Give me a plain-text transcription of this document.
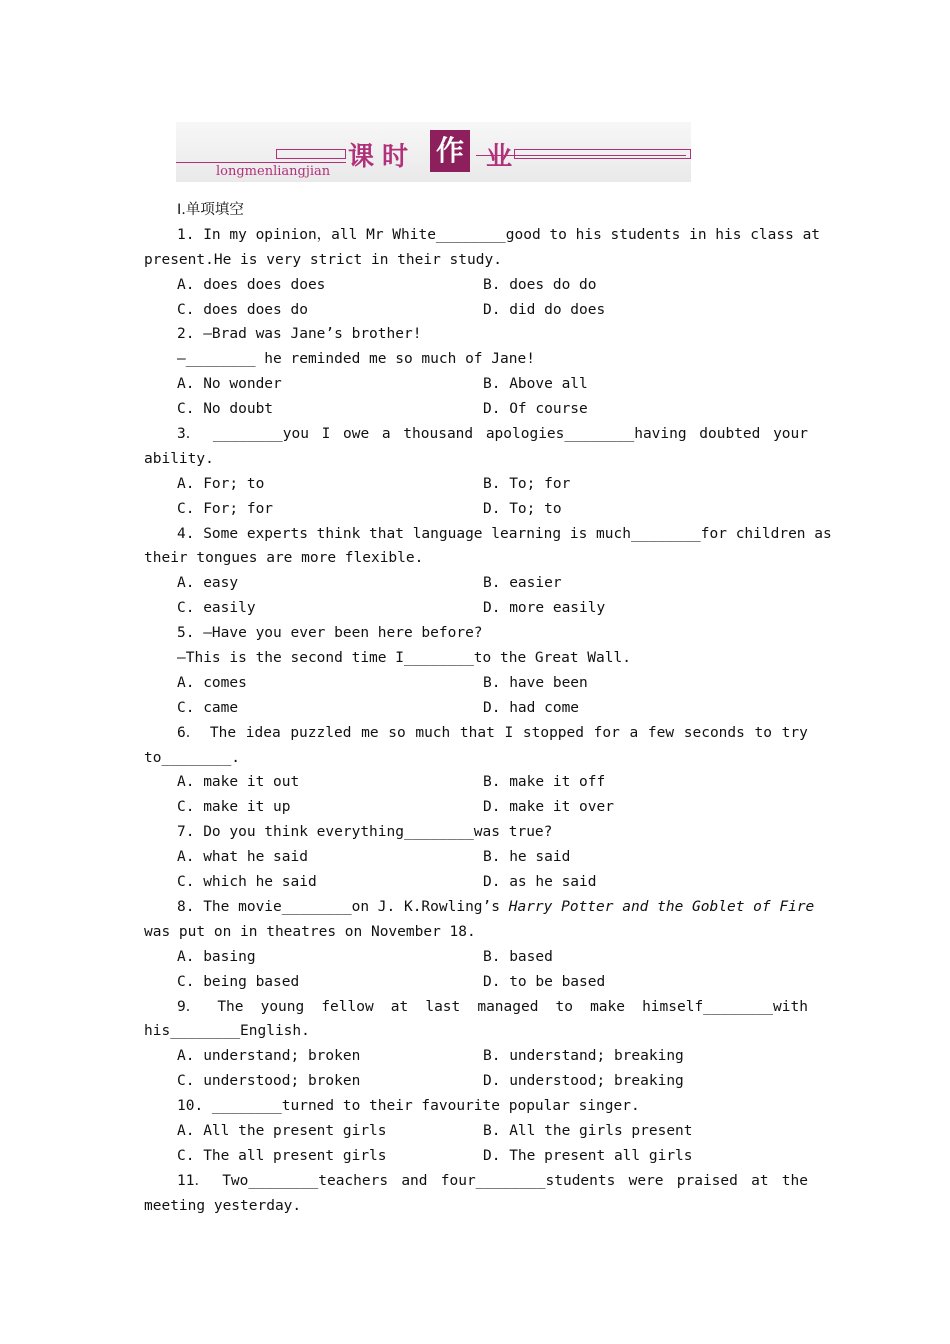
课 时 作 业
longmenliangjian
Ⅰ.单项填空
1. In my opinion，all Mr White________good to his students in his class at
present.He is very strict in their study.
A. does does does	B. does do do
C. does does do	D. did do does
2. —Brad was Jane’s brother!
—________ he reminded me so much of Jane!
A. No wonder	B. Above all
C. No doubt	D. Of course
3． ________you I owe a thousand apologies________having doubted your
ability.
A. For; to	B. To; for
C. For; for	D. To; to
4. Some experts think that language learning is much________for children as
their tongues are more flexible.
A. easy	B. easier
C. easily	D. more easily
5. —Have you ever been here before?
—This is the second time I________to the Great Wall.
A. comes	B. have been
C. came	D. had come
6． The idea puzzled me so much that I stopped for a few seconds to try
to________.
A. make it out	B. make it off
C. make it up	D. make it over
7. Do you think everything________was true?
A. what he said	B. he said
C. which he said	D. as he said
8. The movie________on J. K.Rowling’s Harry Potter and the Goblet of Fire
was put on in theatres on November 18.
A. basing	B. based
C. being based	D. to be based
9． The young fellow at last managed to make himself________with
his________English.
A. understand; broken	B. understand; breaking
C. understood; broken	D. understood; breaking
10. ________turned to their favourite popular singer.
A. All the present girls	B. All the girls present
C. The all present girls	D. The present all girls
11． Two________teachers and four________students were praised at the
meeting yesterday.
